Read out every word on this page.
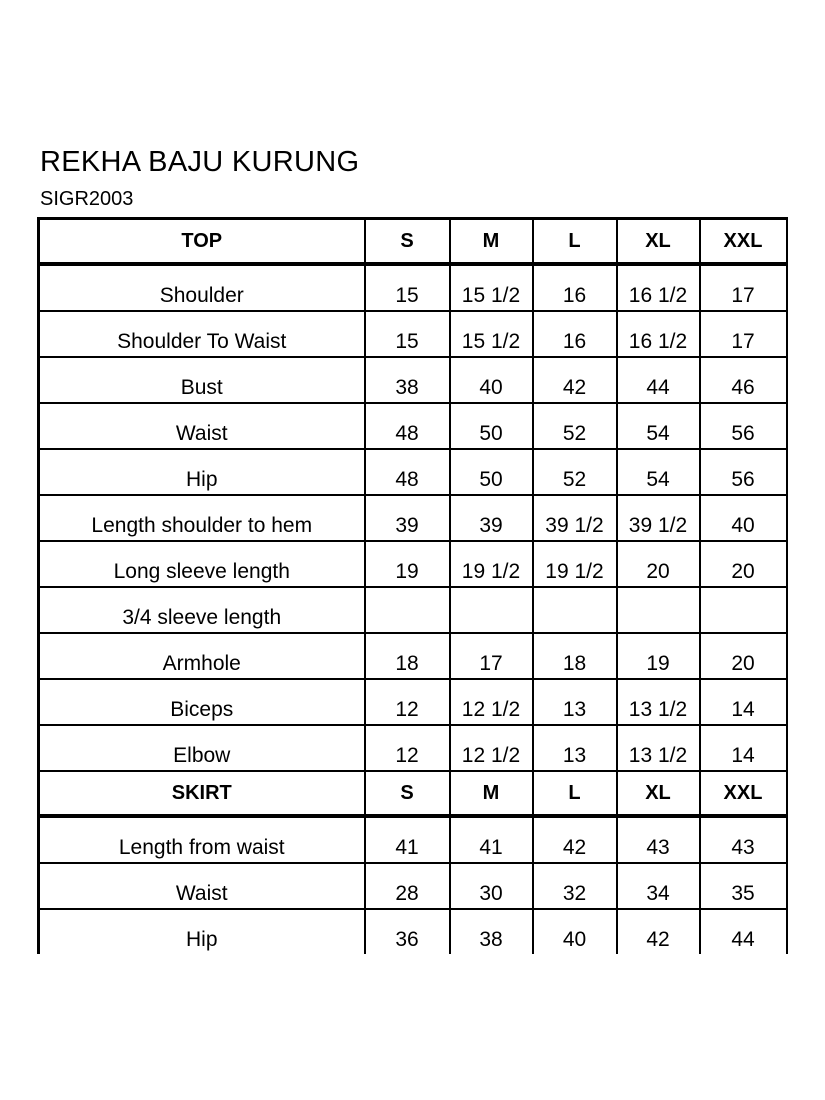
REKHA BAJU KURUNG
SIGR2003
TOP	S	M	L	XL	XXL
Shoulder	15	15 1/2	16	16 1/2	17
Shoulder To Waist	15	15 1/2	16	16 1/2	17
Bust	38	40	42	44	46
Waist	48	50	52	54	56
Hip	48	50	52	54	56
Length shoulder to hem	39	39	39 1/2	39 1/2	40
Long sleeve length	19	19 1/2	19 1/2	20	20
3/4 sleeve length					
Armhole	18	17	18	19	20
Biceps	12	12 1/2	13	13 1/2	14
Elbow	12	12 1/2	13	13 1/2	14
SKIRT	S	M	L	XL	XXL
Length from waist	41	41	42	43	43
Waist	28	30	32	34	35
Hip	36	38	40	42	44
